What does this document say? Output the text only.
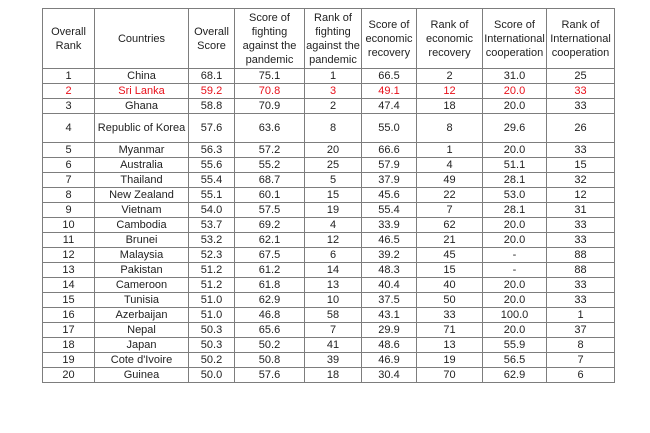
Overall Rank	Countries	Overall Score	Score of fighting against the pandemic	Rank of fighting against the pandemic	Score of economic recovery	Rank of economic recovery	Score of International cooperation	Rank of International cooperation
1	China	68.1	75.1	1	66.5	2	31.0	25
2	Sri Lanka	59.2	70.8	3	49.1	12	20.0	33
3	Ghana	58.8	70.9	2	47.4	18	20.0	33
4	Republic of Korea	57.6	63.6	8	55.0	8	29.6	26
5	Myanmar	56.3	57.2	20	66.6	1	20.0	33
6	Australia	55.6	55.2	25	57.9	4	51.1	15
7	Thailand	55.4	68.7	5	37.9	49	28.1	32
8	New Zealand	55.1	60.1	15	45.6	22	53.0	12
9	Vietnam	54.0	57.5	19	55.4	7	28.1	31
10	Cambodia	53.7	69.2	4	33.9	62	20.0	33
11	Brunei	53.2	62.1	12	46.5	21	20.0	33
12	Malaysia	52.3	67.5	6	39.2	45	-	88
13	Pakistan	51.2	61.2	14	48.3	15	-	88
14	Cameroon	51.2	61.8	13	40.4	40	20.0	33
15	Tunisia	51.0	62.9	10	37.5	50	20.0	33
16	Azerbaijan	51.0	46.8	58	43.1	33	100.0	1
17	Nepal	50.3	65.6	7	29.9	71	20.0	37
18	Japan	50.3	50.2	41	48.6	13	55.9	8
19	Cote d'Ivoire	50.2	50.8	39	46.9	19	56.5	7
20	Guinea	50.0	57.6	18	30.4	70	62.9	6
